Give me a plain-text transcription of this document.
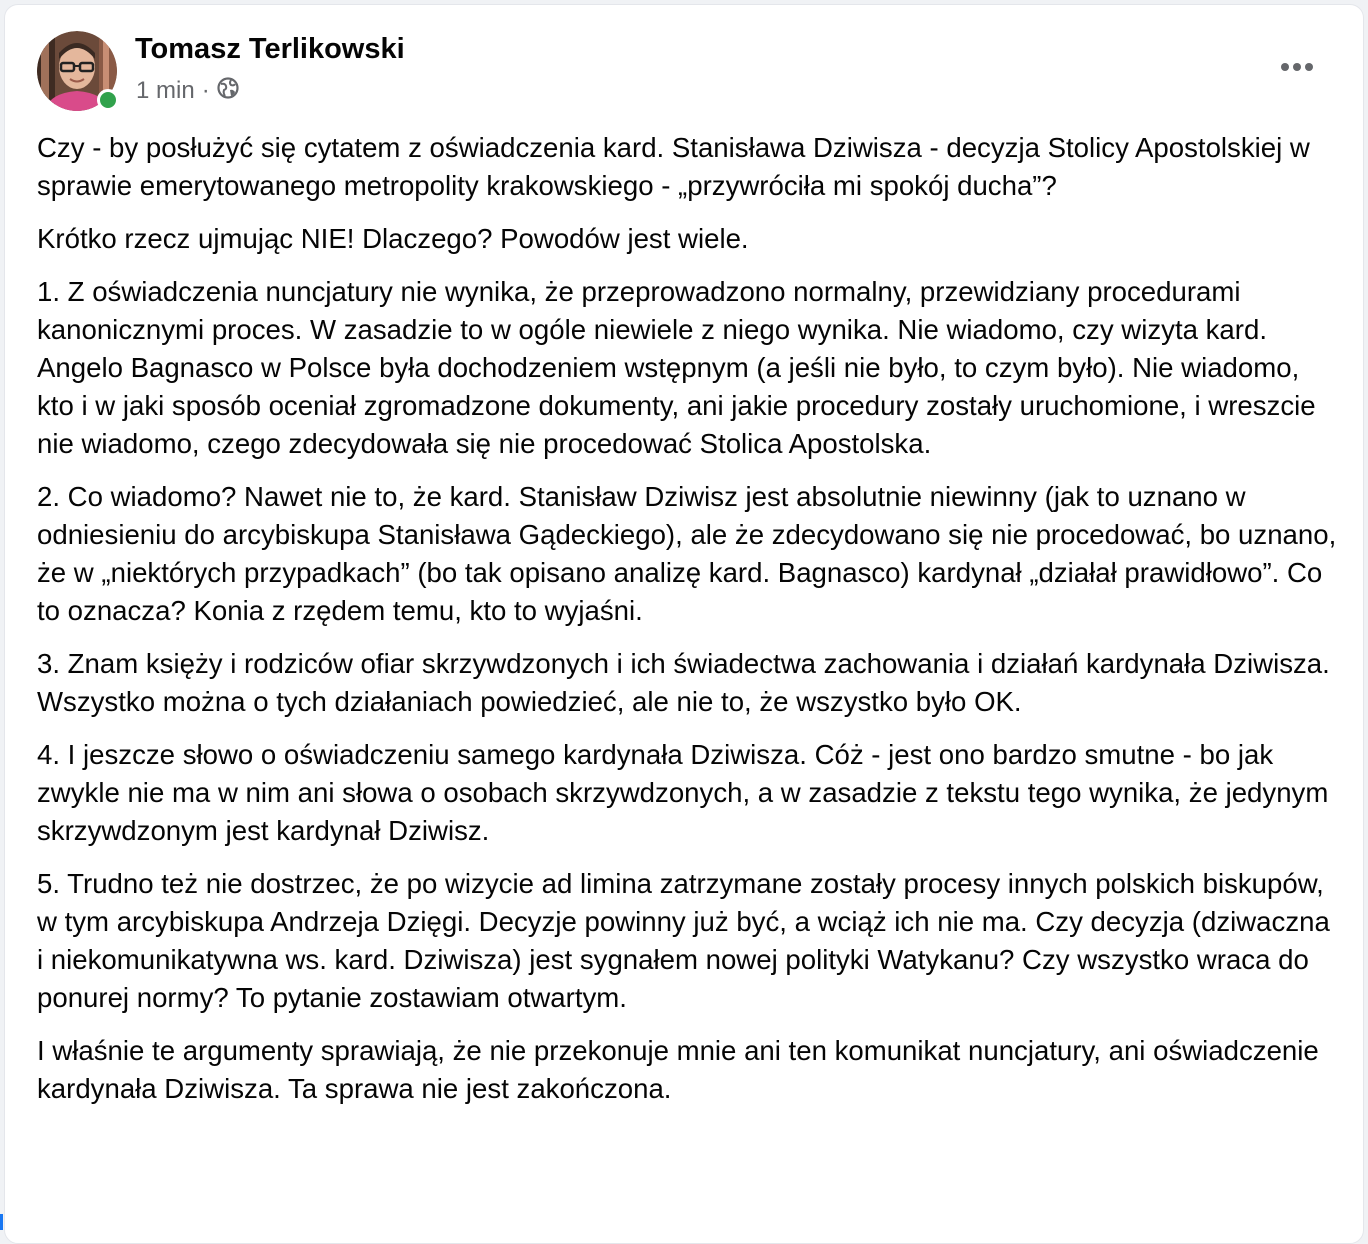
Tomasz Terlikowski
1 min ·

Czy - by posłużyć się cytatem z oświadczenia kard. Stanisława Dziwisza - decyzja Stolicy Apostolskiej w sprawie emerytowanego metropolity krakowskiego - „przywróciła mi spokój ducha”?

Krótko rzecz ujmując NIE! Dlaczego? Powodów jest wiele.

1. Z oświadczenia nuncjatury nie wynika, że przeprowadzono normalny, przewidziany procedurami kanonicznymi proces. W zasadzie to w ogóle niewiele z niego wynika. Nie wiadomo, czy wizyta kard. Angelo Bagnasco w Polsce była dochodzeniem wstępnym (a jeśli nie było, to czym było). Nie wiadomo, kto i w jaki sposób oceniał zgromadzone dokumenty, ani jakie procedury zostały uruchomione, i wreszcie nie wiadomo, czego zdecydowała się nie procedować Stolica Apostolska.

2. Co wiadomo? Nawet nie to, że kard. Stanisław Dziwisz jest absolutnie niewinny (jak to uznano w odniesieniu do arcybiskupa Stanisława Gądeckiego), ale że zdecydowano się nie procedować, bo uznano, że w „niektórych przypadkach” (bo tak opisano analizę kard. Bagnasco) kardynał „działał prawidłowo”. Co to oznacza? Konia z rzędem temu, kto to wyjaśni.

3. Znam księży i rodziców ofiar skrzywdzonych i ich świadectwa zachowania i działań kardynała Dziwisza. Wszystko można o tych działaniach powiedzieć, ale nie to, że wszystko było OK.

4. I jeszcze słowo o oświadczeniu samego kardynała Dziwisza. Cóż - jest ono bardzo smutne - bo jak zwykle nie ma w nim ani słowa o osobach skrzywdzonych, a w zasadzie z tekstu tego wynika, że jedynym skrzywdzonym jest kardynał Dziwisz.

5. Trudno też nie dostrzec, że po wizycie ad limina zatrzymane zostały procesy innych polskich biskupów, w tym arcybiskupa Andrzeja Dzięgi. Decyzje powinny już być, a wciąż ich nie ma. Czy decyzja (dziwaczna i niekomunikatywna ws. kard. Dziwisza) jest sygnałem nowej polityki Watykanu? Czy wszystko wraca do ponurej normy? To pytanie zostawiam otwartym.

I właśnie te argumenty sprawiają, że nie przekonuje mnie ani ten komunikat nuncjatury, ani oświadczenie kardynała Dziwisza. Ta sprawa nie jest zakończona.
